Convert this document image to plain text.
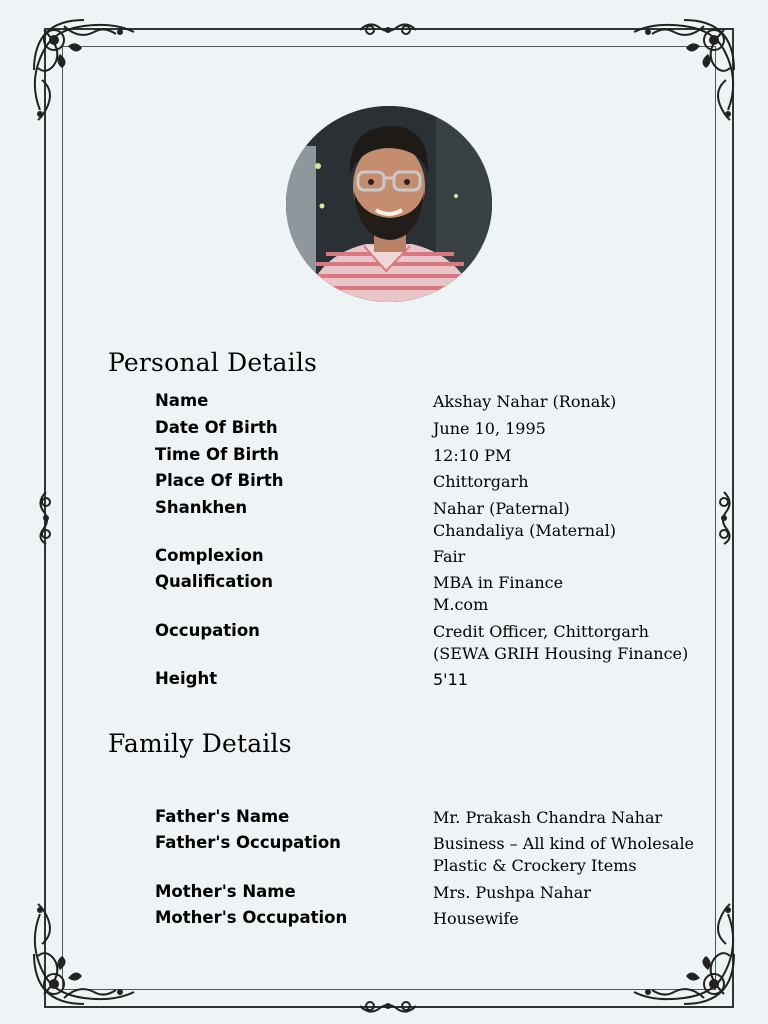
Personal Details
Name	Akshay Nahar (Ronak)
Date Of Birth	June 10, 1995
Time Of Birth	12:10 PM
Place Of Birth	Chittorgarh
Shankhen	Nahar (Paternal)
Chandaliya (Maternal)
Complexion	Fair
Qualification	MBA in Finance
M.com
Occupation	Credit Officer, Chittorgarh
(SEWA GRIH Housing Finance)
Height	5'11
Family Details
Father's Name	Mr. Prakash Chandra Nahar
Father's Occupation	Business – All kind of Wholesale
Plastic & Crockery Items
Mother's Name	Mrs. Pushpa Nahar
Mother's Occupation	Housewife
